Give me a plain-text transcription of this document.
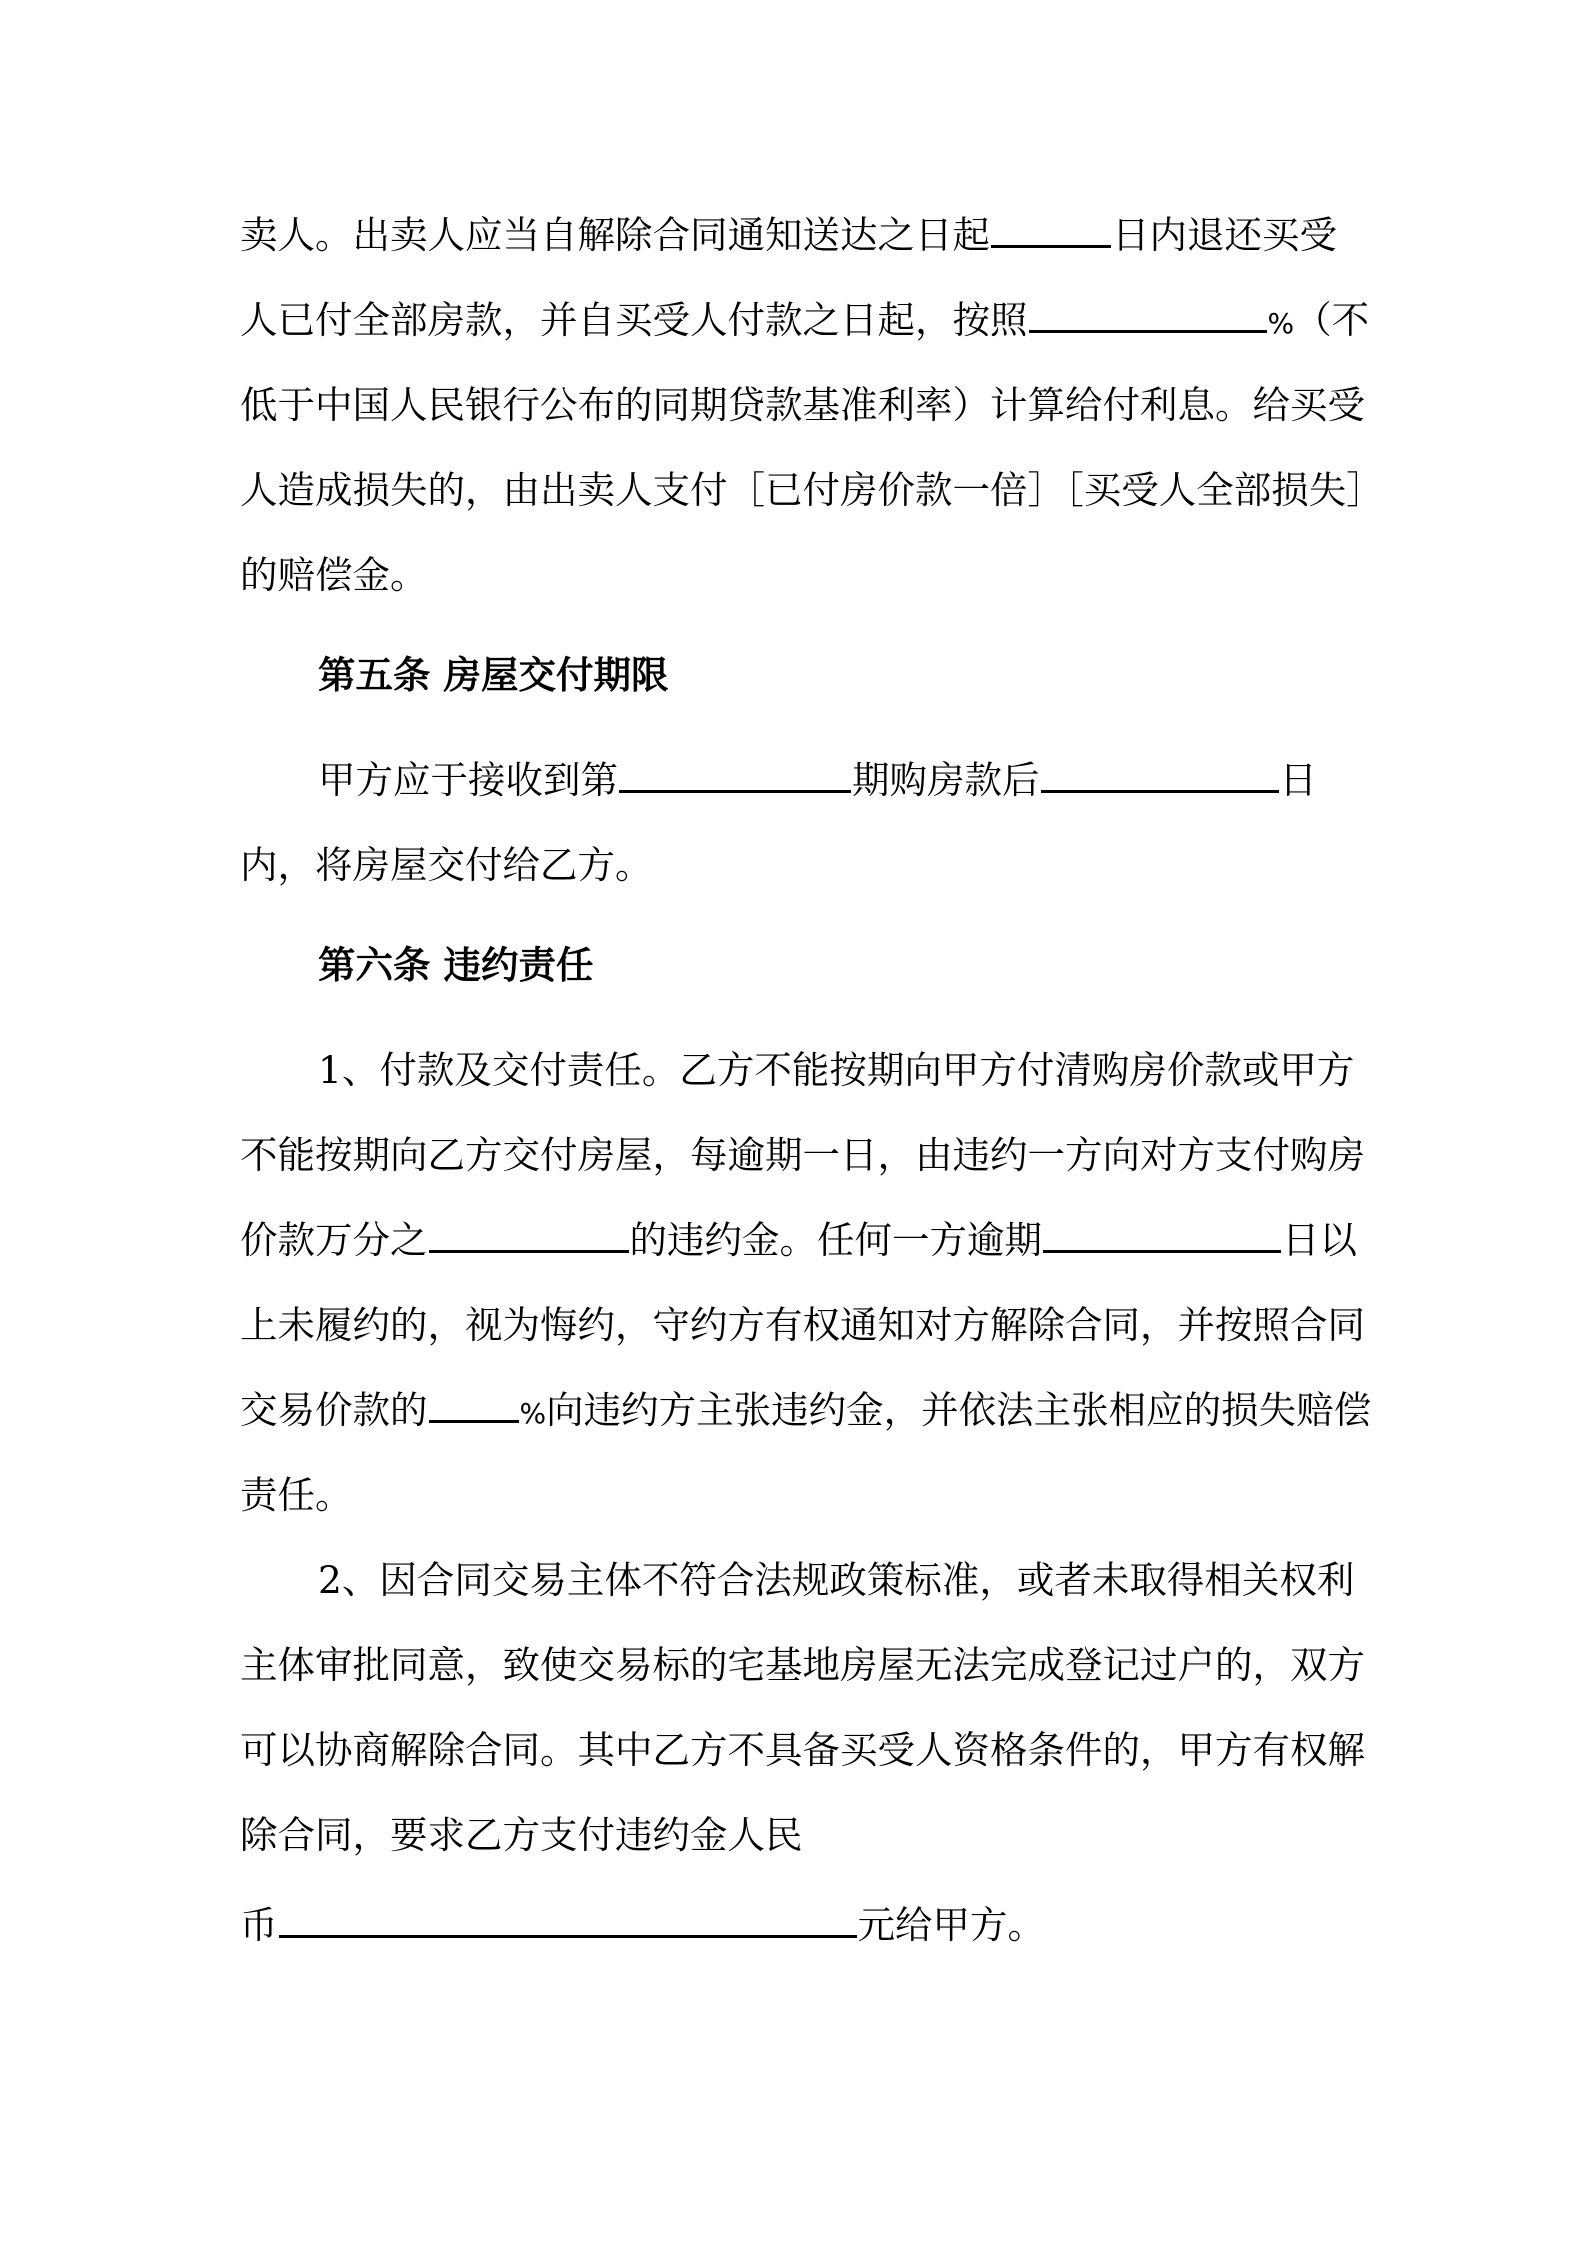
卖人。出卖人应当自解除合同通知送达之日起	日内退还买受
人已付全部房款，并自买受人付款之日起，按照	%（不
低于中国人民银行公布的同期贷款基准利率）计算给付利息。给买受
人造成损失的，由出卖人支付［已付房价款一倍］［买受人全部损失］
的赔偿金。
第五条 房屋交付期限
甲方应于接收到第	期购房款后	日
内，将房屋交付给乙方。
第六条 违约责任
1、付款及交付责任。乙方不能按期向甲方付清购房价款或甲方
不能按期向乙方交付房屋，每逾期一日，由违约一方向对方支付购房
价款万分之	的违约金。任何一方逾期	日以
上未履约的，视为悔约，守约方有权通知对方解除合同，并按照合同
交易价款的	%向违约方主张违约金，并依法主张相应的损失赔偿
责任。
2、因合同交易主体不符合法规政策标准，或者未取得相关权利
主体审批同意，致使交易标的宅基地房屋无法完成登记过户的，双方
可以协商解除合同。其中乙方不具备买受人资格条件的，甲方有权解
除合同，要求乙方支付违约金人民
币	元给甲方。
